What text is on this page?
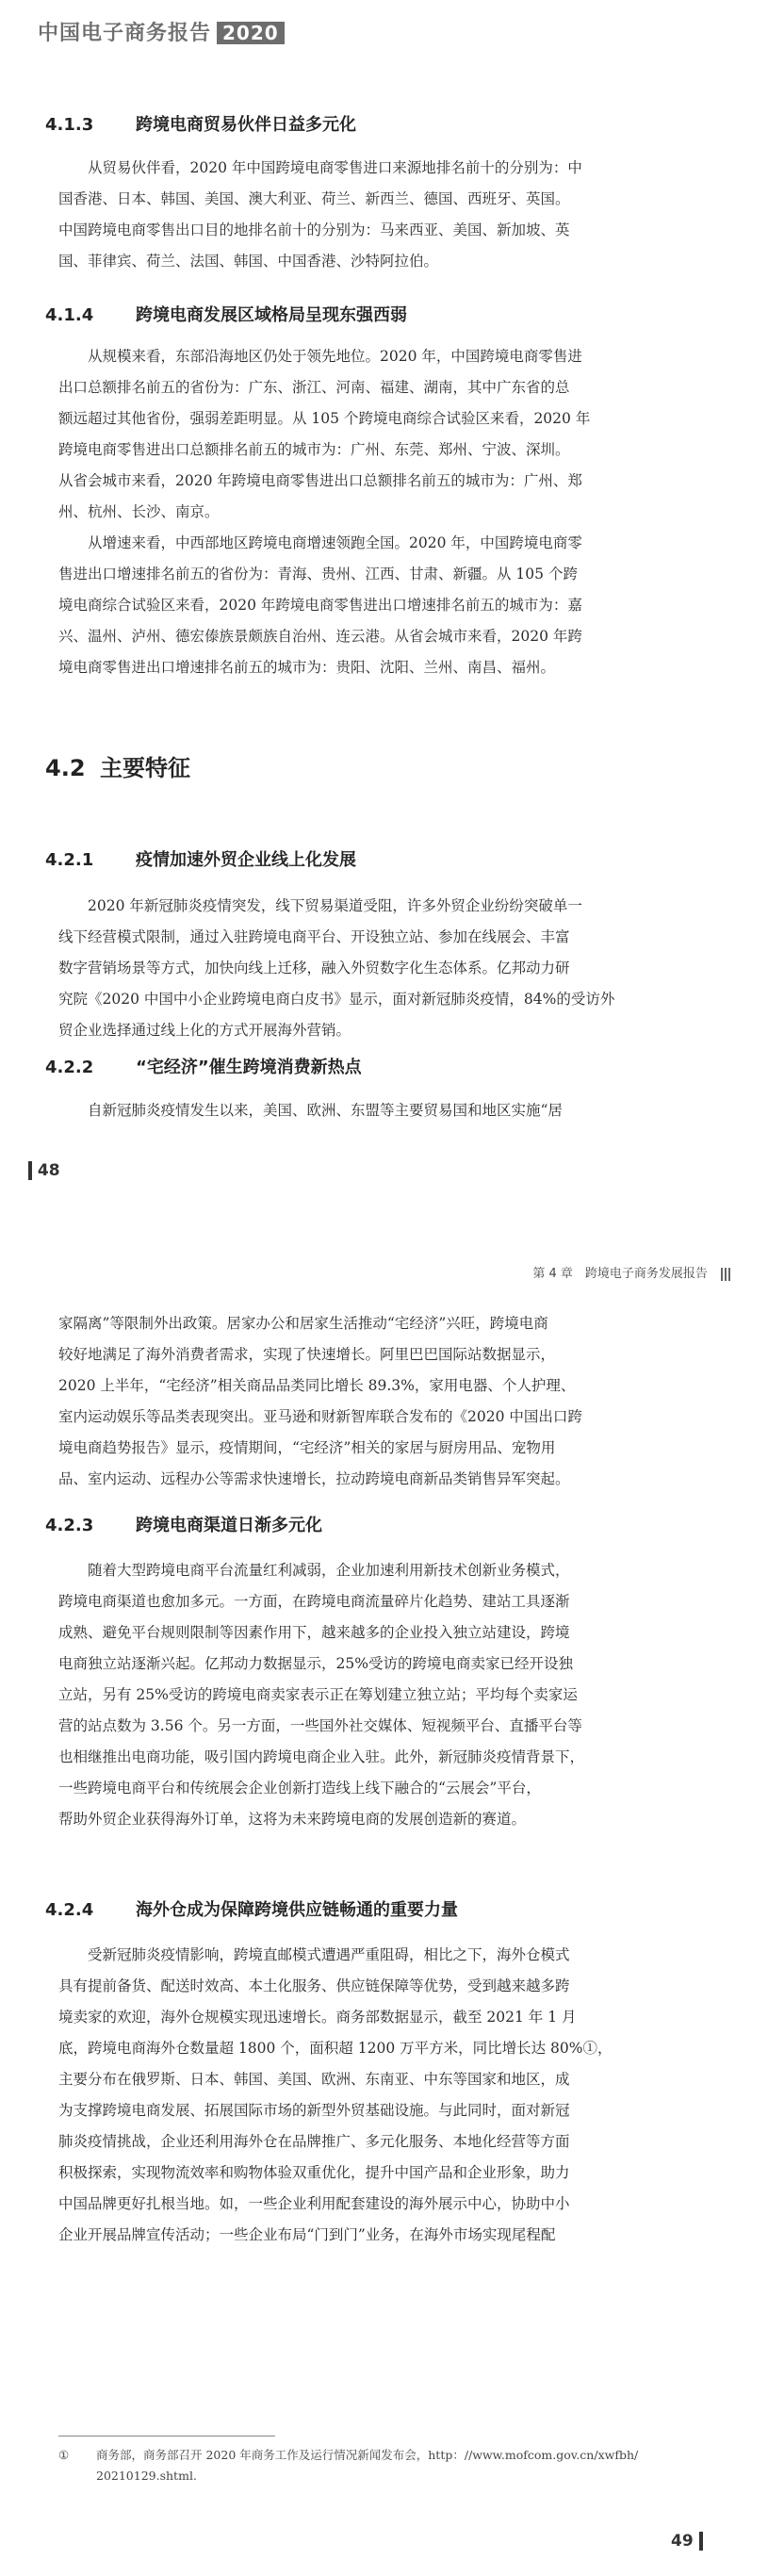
中国电子商务报告 2020
4.1.3 跨境电商贸易伙伴日益多元化

从贸易伙伴看，2020 年中国跨境电商零售进口来源地排名前十的分别为：中

国香港、日本、韩国、美国、澳大利亚、荷兰、新西兰、德国、西班牙、英国。
中国跨境电商零售出口目的地排名前十的分别为：马来西亚、美国、新加坡、英
国、菲律宾、荷兰、法国、韩国、中国香港、沙特阿拉伯。
4.1.4 跨境电商发展区域格局呈现东强西弱

从规模来看，东部沿海地区仍处于领先地位。2020 年，中国跨境电商零售进

出口总额排名前五的省份为：广东、浙江、河南、福建、湖南，其中广东省的总
额远超过其他省份，强弱差距明显。从 105 个跨境电商综合试验区来看，2020 年
跨境电商零售进出口总额排名前五的城市为：广州、东莞、郑州、宁波、深圳。
从省会城市来看，2020 年跨境电商零售进出口总额排名前五的城市为：广州、郑
州、杭州、长沙、南京。

从增速来看，中西部地区跨境电商增速领跑全国。2020 年，中国跨境电商零

售进出口增速排名前五的省份为：青海、贵州、江西、甘肃、新疆。从 105 个跨
境电商综合试验区来看，2020 年跨境电商零售进出口增速排名前五的城市为：嘉
兴、温州、泸州、德宏傣族景颇族自治州、连云港。从省会城市来看，2020 年跨
境电商零售进出口增速排名前五的城市为：贵阳、沈阳、兰州、南昌、福州。
4.2 主要特征
4.2.1 疫情加速外贸企业线上化发展

2020 年新冠肺炎疫情突发，线下贸易渠道受阻，许多外贸企业纷纷突破单一

线下经营模式限制，通过入驻跨境电商平台、开设独立站、参加在线展会、丰富
数字营销场景等方式，加快向线上迁移，融入外贸数字化生态体系。亿邦动力研
究院《2020 中国中小企业跨境电商白皮书》显示，面对新冠肺炎疫情，84%的受访外
贸企业选择通过线上化的方式开展海外营销。
4.2.2 “宅经济”催生跨境消费新热点

自新冠肺炎疫情发生以来，美国、欧洲、东盟等主要贸易国和地区实施“居

48
第 4 章　跨境电子商务发展报告
家隔离”等限制外出政策。居家办公和居家生活推动“宅经济”兴旺，跨境电商
较好地满足了海外消费者需求，实现了快速增长。阿里巴巴国际站数据显示，
2020 上半年，“宅经济”相关商品品类同比增长 89.3%，家用电器、个人护理、
室内运动娱乐等品类表现突出。亚马逊和财新智库联合发布的《2020 中国出口跨
境电商趋势报告》显示，疫情期间，“宅经济”相关的家居与厨房用品、宠物用
品、室内运动、远程办公等需求快速增长，拉动跨境电商新品类销售异军突起。
4.2.3 跨境电商渠道日渐多元化

随着大型跨境电商平台流量红利减弱，企业加速利用新技术创新业务模式，

跨境电商渠道也愈加多元。一方面，在跨境电商流量碎片化趋势、建站工具逐渐
成熟、避免平台规则限制等因素作用下，越来越多的企业投入独立站建设，跨境
电商独立站逐渐兴起。亿邦动力数据显示，25%受访的跨境电商卖家已经开设独
立站，另有 25%受访的跨境电商卖家表示正在筹划建立独立站；平均每个卖家运
营的站点数为 3.56 个。另一方面，一些国外社交媒体、短视频平台、直播平台等
也相继推出电商功能，吸引国内跨境电商企业入驻。此外，新冠肺炎疫情背景下，
一些跨境电商平台和传统展会企业创新打造线上线下融合的“云展会”平台，
帮助外贸企业获得海外订单，这将为未来跨境电商的发展创造新的赛道。
4.2.4 海外仓成为保障跨境供应链畅通的重要力量

受新冠肺炎疫情影响，跨境直邮模式遭遇严重阻碍，相比之下，海外仓模式

具有提前备货、配送时效高、本土化服务、供应链保障等优势，受到越来越多跨
境卖家的欢迎，海外仓规模实现迅速增长。商务部数据显示，截至 2021 年 1 月
底，跨境电商海外仓数量超 1800 个，面积超 1200 万平方米，同比增长达 80%①，
主要分布在俄罗斯、日本、韩国、美国、欧洲、东南亚、中东等国家和地区，成
为支撑跨境电商发展、拓展国际市场的新型外贸基础设施。与此同时，面对新冠
肺炎疫情挑战，企业还利用海外仓在品牌推广、多元化服务、本地化经营等方面
积极探索，实现物流效率和购物体验双重优化，提升中国产品和企业形象，助力
中国品牌更好扎根当地。如，一些企业利用配套建设的海外展示中心，协助中小
企业开展品牌宣传活动；一些企业布局“门到门”业务，在海外市场实现尾程配
① 商务部，商务部召开 2020 年商务工作及运行情况新闻发布会，http：//www.mofcom.gov.cn/xwfbh/
20210129.shtml.
49
